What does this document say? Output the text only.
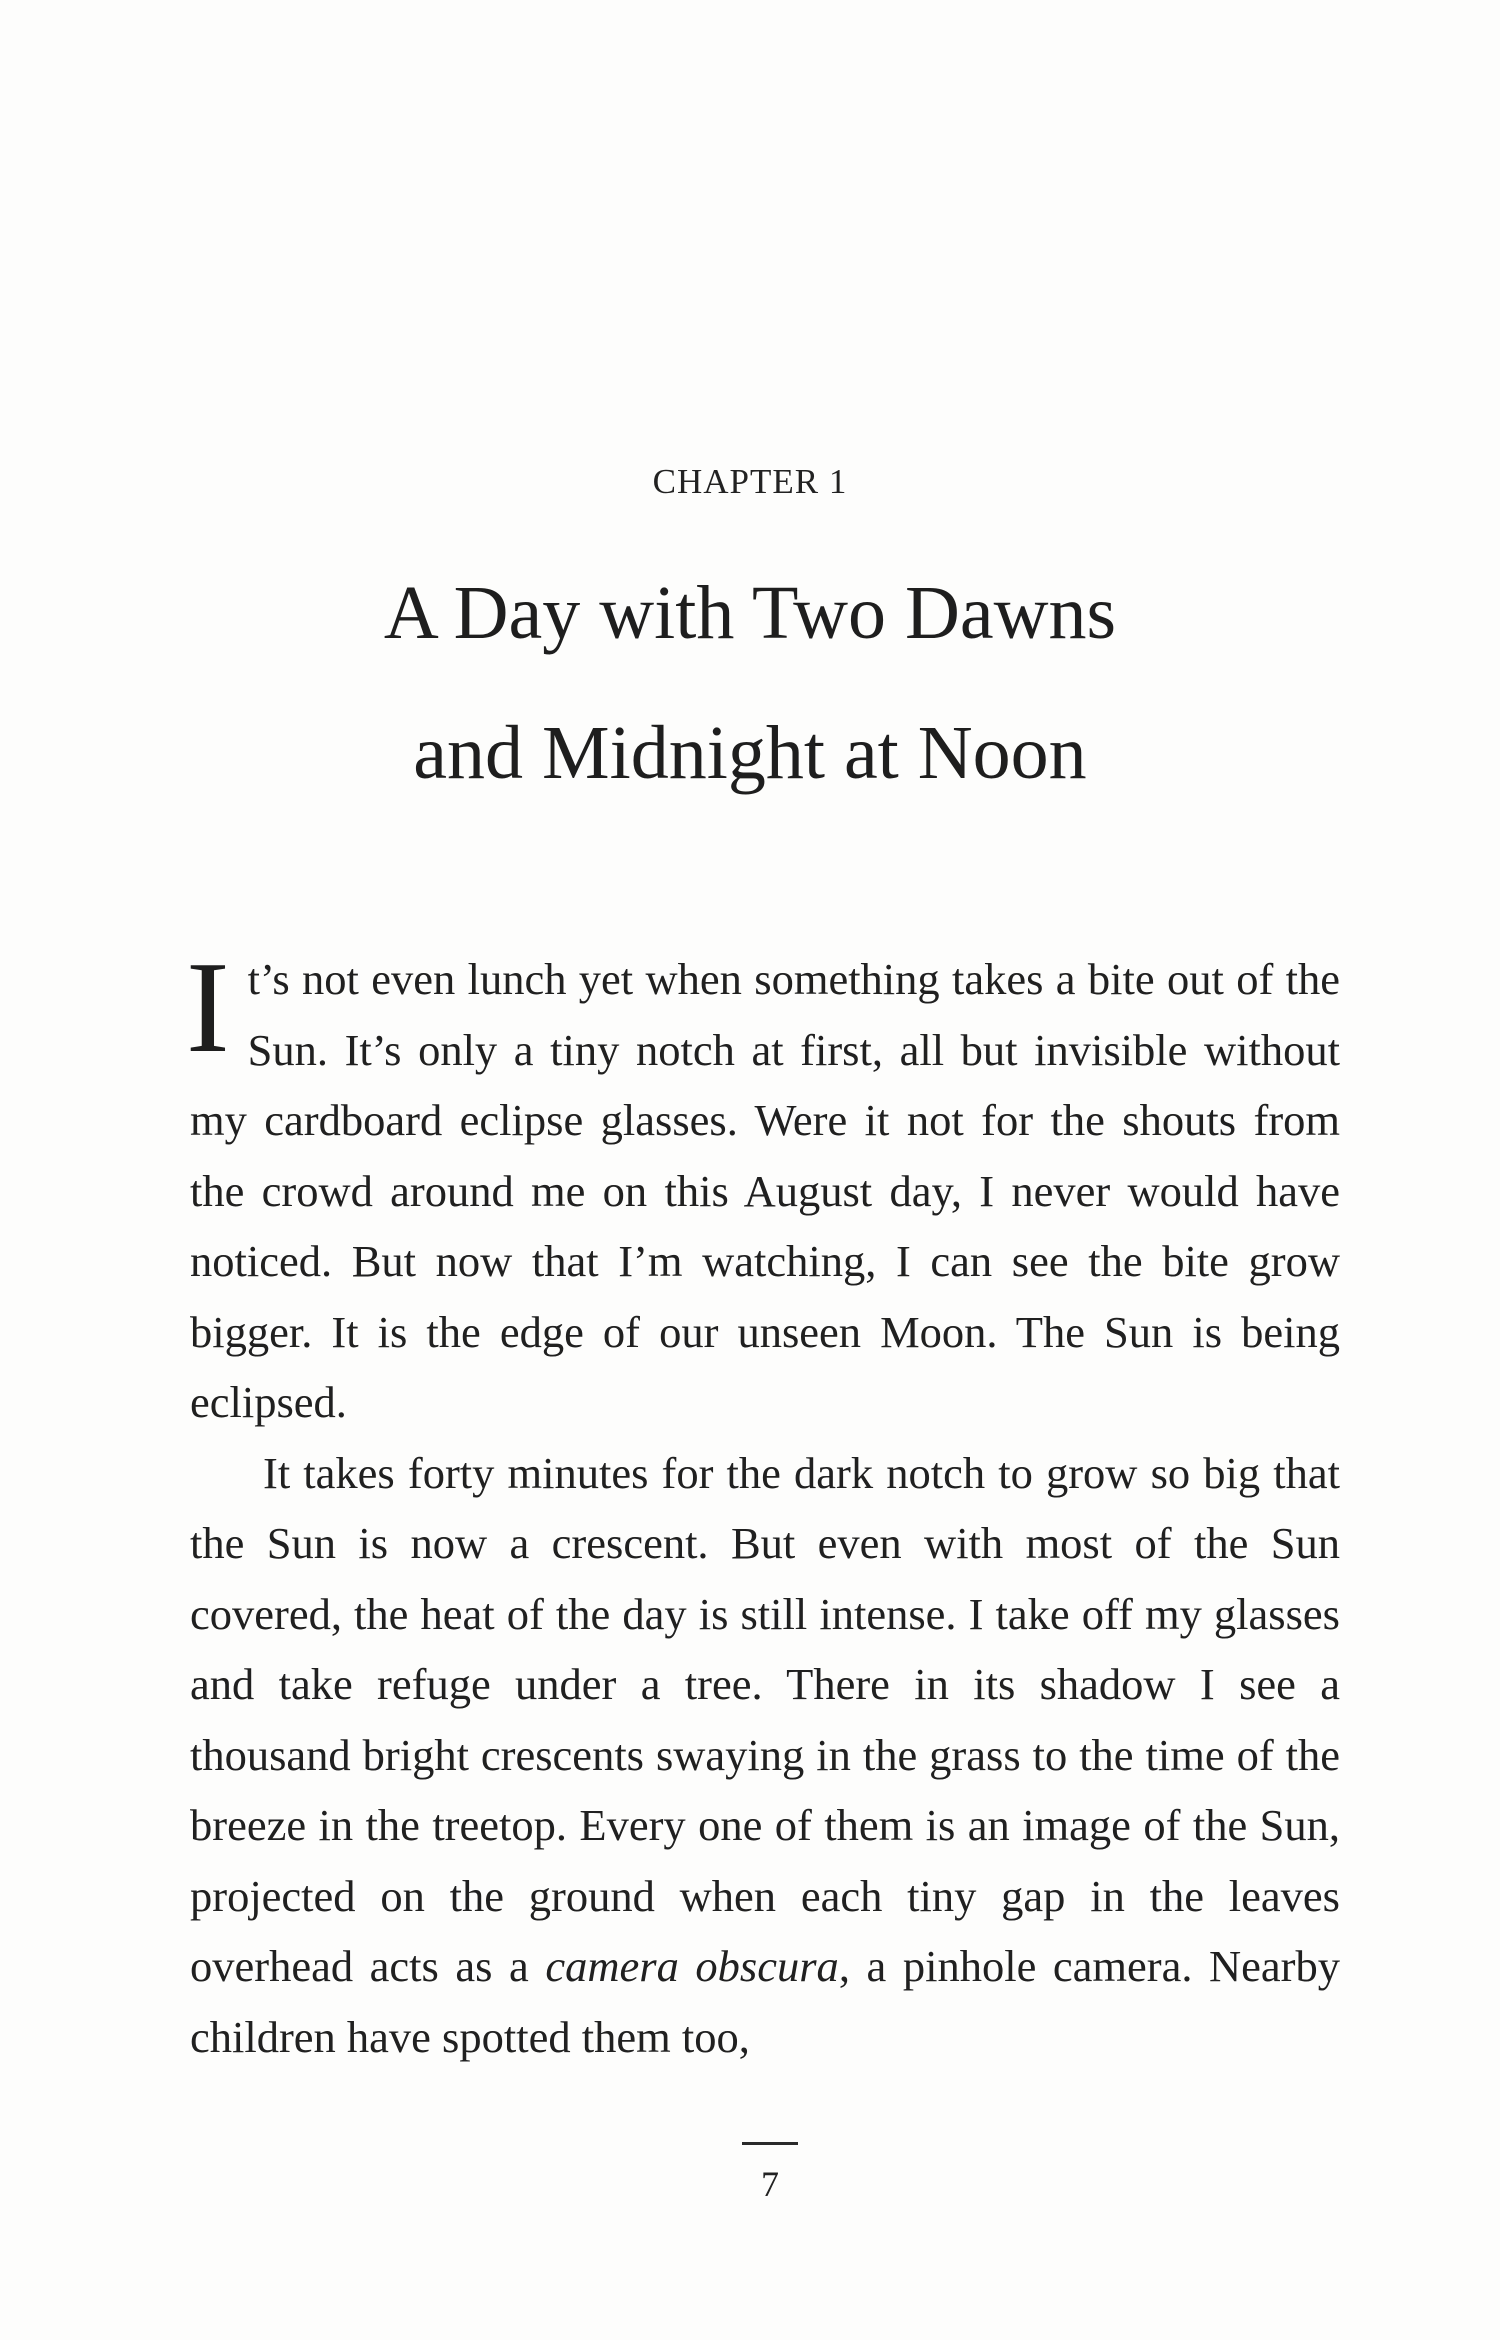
CHAPTER 1
A Day with Two Dawns
and Midnight at Noon

It’s not even lunch yet when something takes a bite out of the Sun. It’s only a tiny notch at first, all but invisible without my cardboard eclipse glasses. Were it not for the shouts from the crowd around me on this August day, I never would have noticed. But now that I’m watching, I can see the bite grow bigger. It is the edge of our unseen Moon. The Sun is being eclipsed.

It takes forty minutes for the dark notch to grow so big that the Sun is now a crescent. But even with most of the Sun covered, the heat of the day is still intense. I take off my glasses and take refuge under a tree. There in its shadow I see a thousand bright crescents swaying in the grass to the time of the breeze in the treetop. Every one of them is an image of the Sun, projected on the ground when each tiny gap in the leaves overhead acts as a camera obscura, a pinhole camera. Nearby children have spotted them too,

7
